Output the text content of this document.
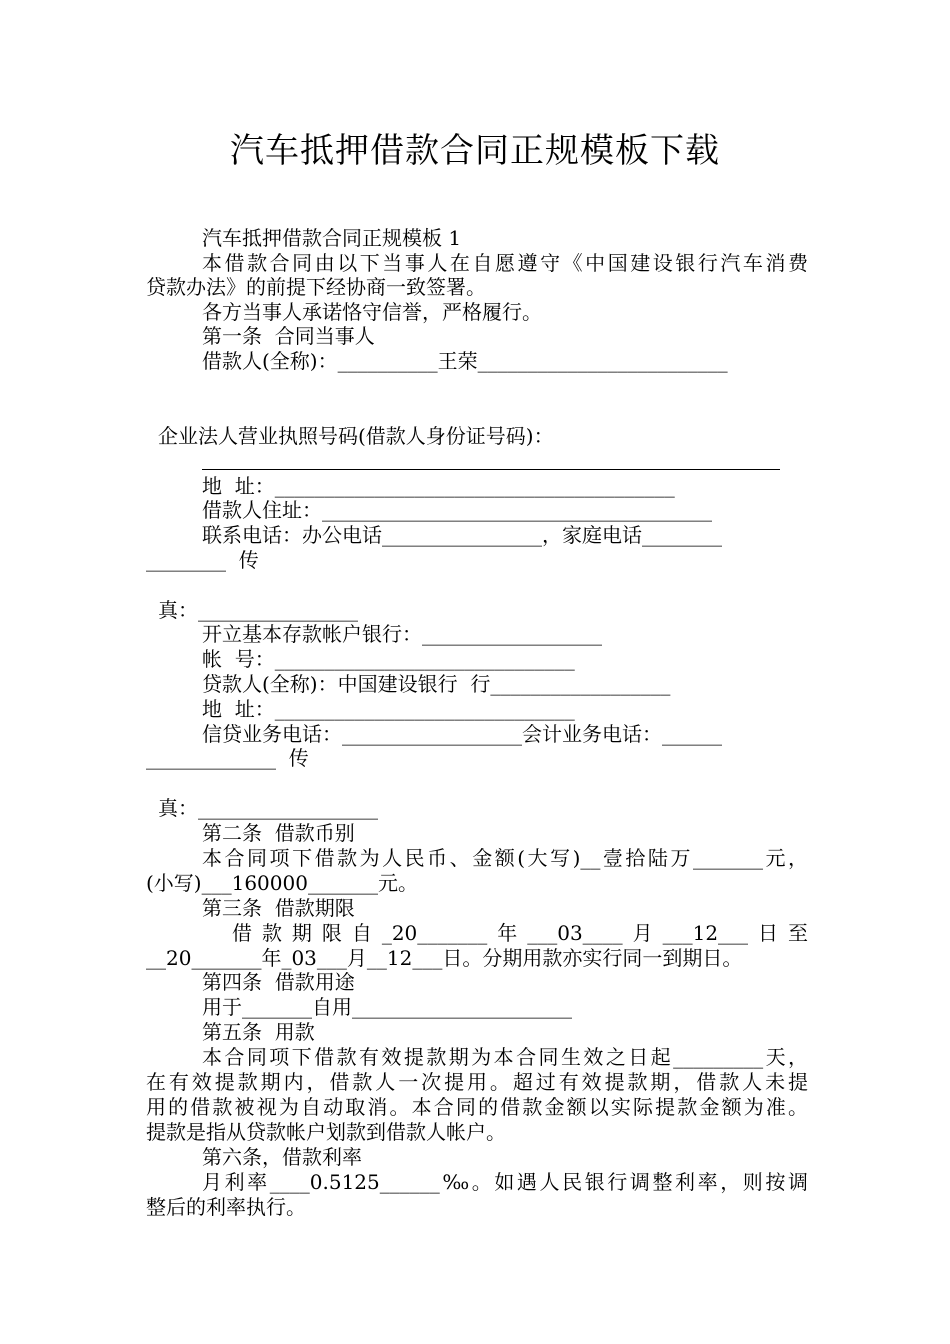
汽车抵押借款合同正规模板下载
汽车抵押借款合同正规模板 1
本借款合同由以下当事人在自愿遵守《中国建设银行汽车消费
贷款办法》的前提下经协商一致签署。
各方当事人承诺恪守信誉，严格履行。
第一条  合同当事人
借款人(全称)：__________王荣_________________________
企业法人营业执照号码(借款人身份证号码)：
地  址：________________________________________
借款人住址：_______________________________________
联系电话：办公电话________________，家庭电话________
________  传
真：________________
开立基本存款帐户银行：__________________
帐  号：______________________________
贷款人(全称)：中国建设银行  行__________________
地  址：______________________________
信贷业务电话：__________________会计业务电话：______
_____________  传
真：__________________
第二条  借款币别
本合同项下借款为人民币、金额(大写)__壹拾陆万_______元，
(小写)___160000_______元。
第三条  借款期限
借款期限自_20_______年___03____月___12___日至
__20_______年_03___月__12___日。分期用款亦实行同一到期日。
第四条  借款用途
用于_______自用______________________
第五条  用款
本合同项下借款有效提款期为本合同生效之日起_________天，
在有效提款期内，借款人一次提用。超过有效提款期，借款人未提
用的借款被视为自动取消。本合同的借款金额以实际提款金额为准。
提款是指从贷款帐户划款到借款人帐户。
第六条，借款利率
月利率____0.5125______‰。如遇人民银行调整利率，则按调
整后的利率执行。
